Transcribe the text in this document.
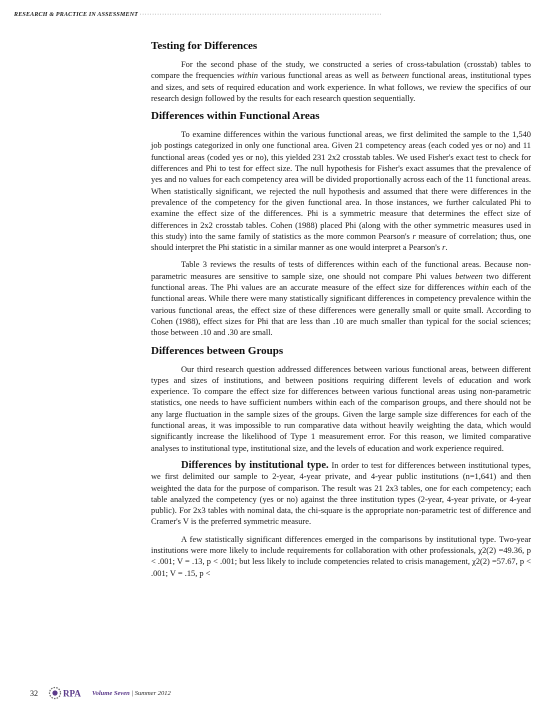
RESEARCH & PRACTICE IN ASSESSMENT ·································································································
Testing for Differences

For the second phase of the study, we constructed a series of cross-tabulation (crosstab) tables to compare the frequencies within various functional areas as well as between functional areas, institutional types and sizes, and sets of required education and work experience. In what follows, we review the specifics of our research design followed by the results for each research question sequentially.

Differences within Functional Areas

To examine differences within the various functional areas, we first delimited the sample to the 1,540 job postings categorized in only one functional area. Given 21 competency areas (each coded yes or no) and 11 functional areas (coded yes or no), this yielded 231 2x2 crosstab tables. We used Fisher's exact test to check for differences and Phi to test for effect size. The null hypothesis for Fisher's exact assumes that the prevalence of yes and no values for each competency area will be divided proportionally across each of the 11 functional areas. When statistically significant, we rejected the null hypothesis and assumed that there were differences in the prevalence of the competency for the given functional area. In those instances, we further calculated Phi to examine the effect size of the differences. Phi is a symmetric measure that determines the effect size of differences in 2x2 crosstab tables. Cohen (1988) placed Phi (along with the other symmetric measures used in this study) into the same family of statistics as the more common Pearson's r measure of correlation; thus, one should interpret the Phi statistic in a similar manner as one would interpret a Pearson's r.

Table 3 reviews the results of tests of differences within each of the functional areas. Because non-parametric measures are sensitive to sample size, one should not compare Phi values between two different functional areas. The Phi values are an accurate measure of the effect size for differences within each of the functional areas. While there were many statistically significant differences in competency prevalence within the various functional areas, the effect size of these differences were generally small or quite small. According to Cohen (1988), effect sizes for Phi that are less than .10 are much smaller than typical for the social sciences; those between .10 and .30 are small.

Differences between Groups

Our third research question addressed differences between various functional areas, between different types and sizes of institutions, and between positions requiring different levels of education and work experience. To compare the effect size for differences between various functional areas using non-parametric statistics, one needs to have sufficient numbers within each of the comparison groups, and there should not be any large fluctuation in the sample sizes of the groups. Given the large sample size differences for each of the functional areas, it was impossible to run comparative data without heavily weighting the data, which would significantly increase the likelihood of Type 1 measurement error. For this reason, we limited comparative analyses to institutional type, institutional size, and the levels of education and work experience required.

Differences by institutional type. In order to test for differences between institutional types, we first delimited our sample to 2-year, 4-year private, and 4-year public institutions (n=1,641) and then weighted the data for the purpose of comparison. The result was 21 2x3 tables, one for each competency; each table analyzed the competency (yes or no) against the three institution types (2-year, 4-year private, or 4-year public). For 2x3 tables with nominal data, the chi-square is the appropriate non-parametric test of difference and Cramer's V is the preferred symmetric measure.

A few statistically significant differences emerged in the comparisons by institutional type. Two-year institutions were more likely to include requirements for collaboration with other professionals, χ2(2) =49.36, p < .001; V = .13, p < .001; but less likely to include competencies related to crisis management, χ2(2) =57.67, p < .001; V = .15, p <

32	RPA Volume Seven | Summer 2012
